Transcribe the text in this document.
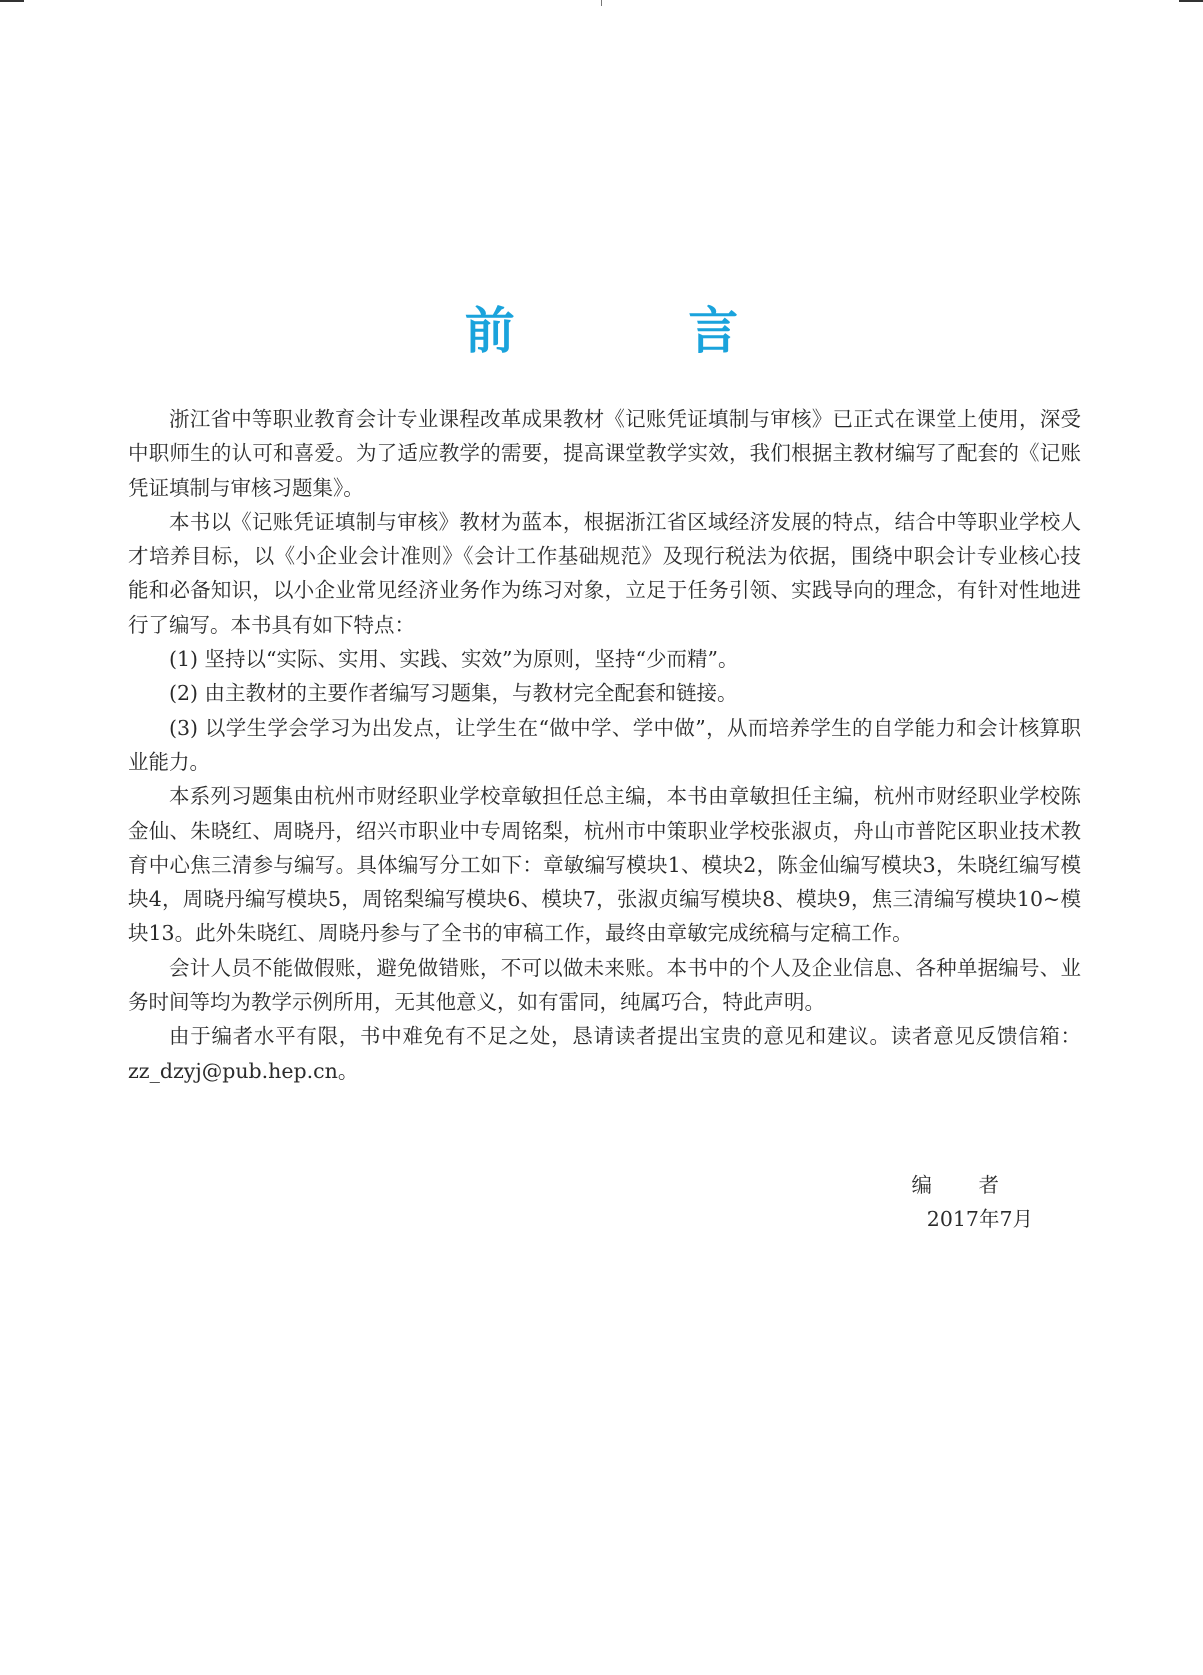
前 言

浙江省中等职业教育会计专业课程改革成果教材《记账凭证填制与审核》已正式在课堂上使用，深受中职师生的认可和喜爱。为了适应教学的需要，提高课堂教学实效，我们根据主教材编写了配套的《记账凭证填制与审核习题集》。

本书以《记账凭证填制与审核》教材为蓝本，根据浙江省区域经济发展的特点，结合中等职业学校人才培养目标，以《小企业会计准则》《会计工作基础规范》及现行税法为依据，围绕中职会计专业核心技能和必备知识，以小企业常见经济业务作为练习对象，立足于任务引领、实践导向的理念，有针对性地进行了编写。本书具有如下特点：

(1) 坚持以“实际、实用、实践、实效”为原则，坚持“少而精”。

(2) 由主教材的主要作者编写习题集，与教材完全配套和链接。

(3) 以学生学会学习为出发点，让学生在“做中学、学中做”，从而培养学生的自学能力和会计核算职业能力。

本系列习题集由杭州市财经职业学校章敏担任总主编，本书由章敏担任主编，杭州市财经职业学校陈金仙、朱晓红、周晓丹，绍兴市职业中专周铭梨，杭州市中策职业学校张淑贞，舟山市普陀区职业技术教育中心焦三清参与编写。具体编写分工如下：章敏编写模块1、模块2，陈金仙编写模块3，朱晓红编写模块4，周晓丹编写模块5，周铭梨编写模块6、模块7，张淑贞编写模块8、模块9，焦三清编写模块10~模块13。此外朱晓红、周晓丹参与了全书的审稿工作，最终由章敏完成统稿与定稿工作。

会计人员不能做假账，避免做错账，不可以做未来账。本书中的个人及企业信息、各种单据编号、业务时间等均为教学示例所用，无其他意义，如有雷同，纯属巧合，特此声明。

由于编者水平有限，书中难免有不足之处，恳请读者提出宝贵的意见和建议。读者意见反馈信箱：zz_dzyj@pub.hep.cn。

编 者
2017年7月
